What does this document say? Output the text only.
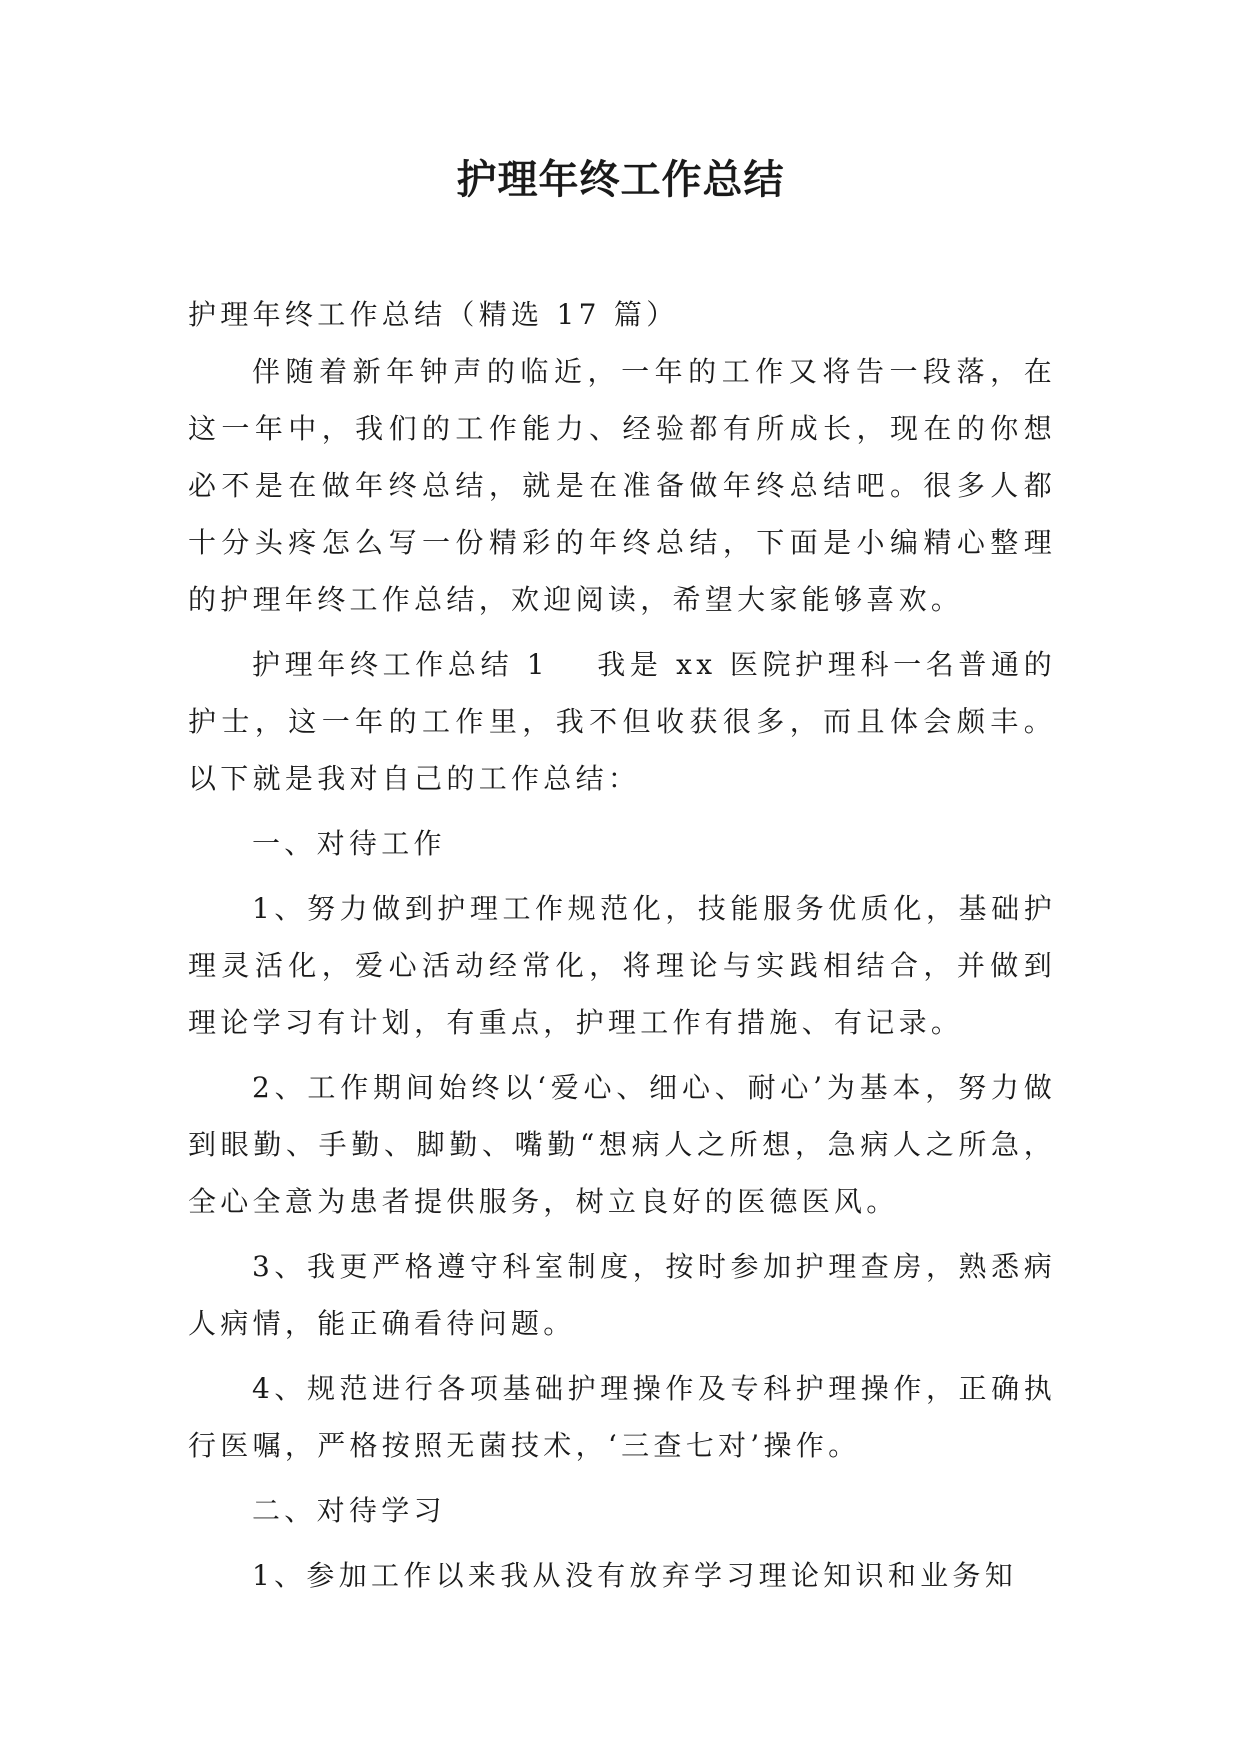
护理年终工作总结

护理年终工作总结（精选 17 篇）

伴随着新年钟声的临近，一年的工作又将告一段落，在这一年中，我们的工作能力、经验都有所成长，现在的你想必不是在做年终总结，就是在准备做年终总结吧。很多人都十分头疼怎么写一份精彩的年终总结，下面是小编精心整理的护理年终工作总结，欢迎阅读，希望大家能够喜欢。

护理年终工作总结 1 我是 xx 医院护理科一名普通的护士，这一年的工作里，我不但收获很多，而且体会颇丰。以下就是我对自己的工作总结：

一、对待工作

1、努力做到护理工作规范化，技能服务优质化，基础护理灵活化，爱心活动经常化，将理论与实践相结合，并做到理论学习有计划，有重点，护理工作有措施、有记录。

2、工作期间始终以‘爱心、细心、耐心’为基本，努力做到眼勤、手勤、脚勤、嘴勤“想病人之所想，急病人之所急，全心全意为患者提供服务，树立良好的医德医风。

3、我更严格遵守科室制度，按时参加护理查房，熟悉病人病情，能正确看待问题。

4、规范进行各项基础护理操作及专科护理操作，正确执行医嘱，严格按照无菌技术，‘三查七对’操作。

二、对待学习

1、参加工作以来我从没有放弃学习理论知识和业务知
